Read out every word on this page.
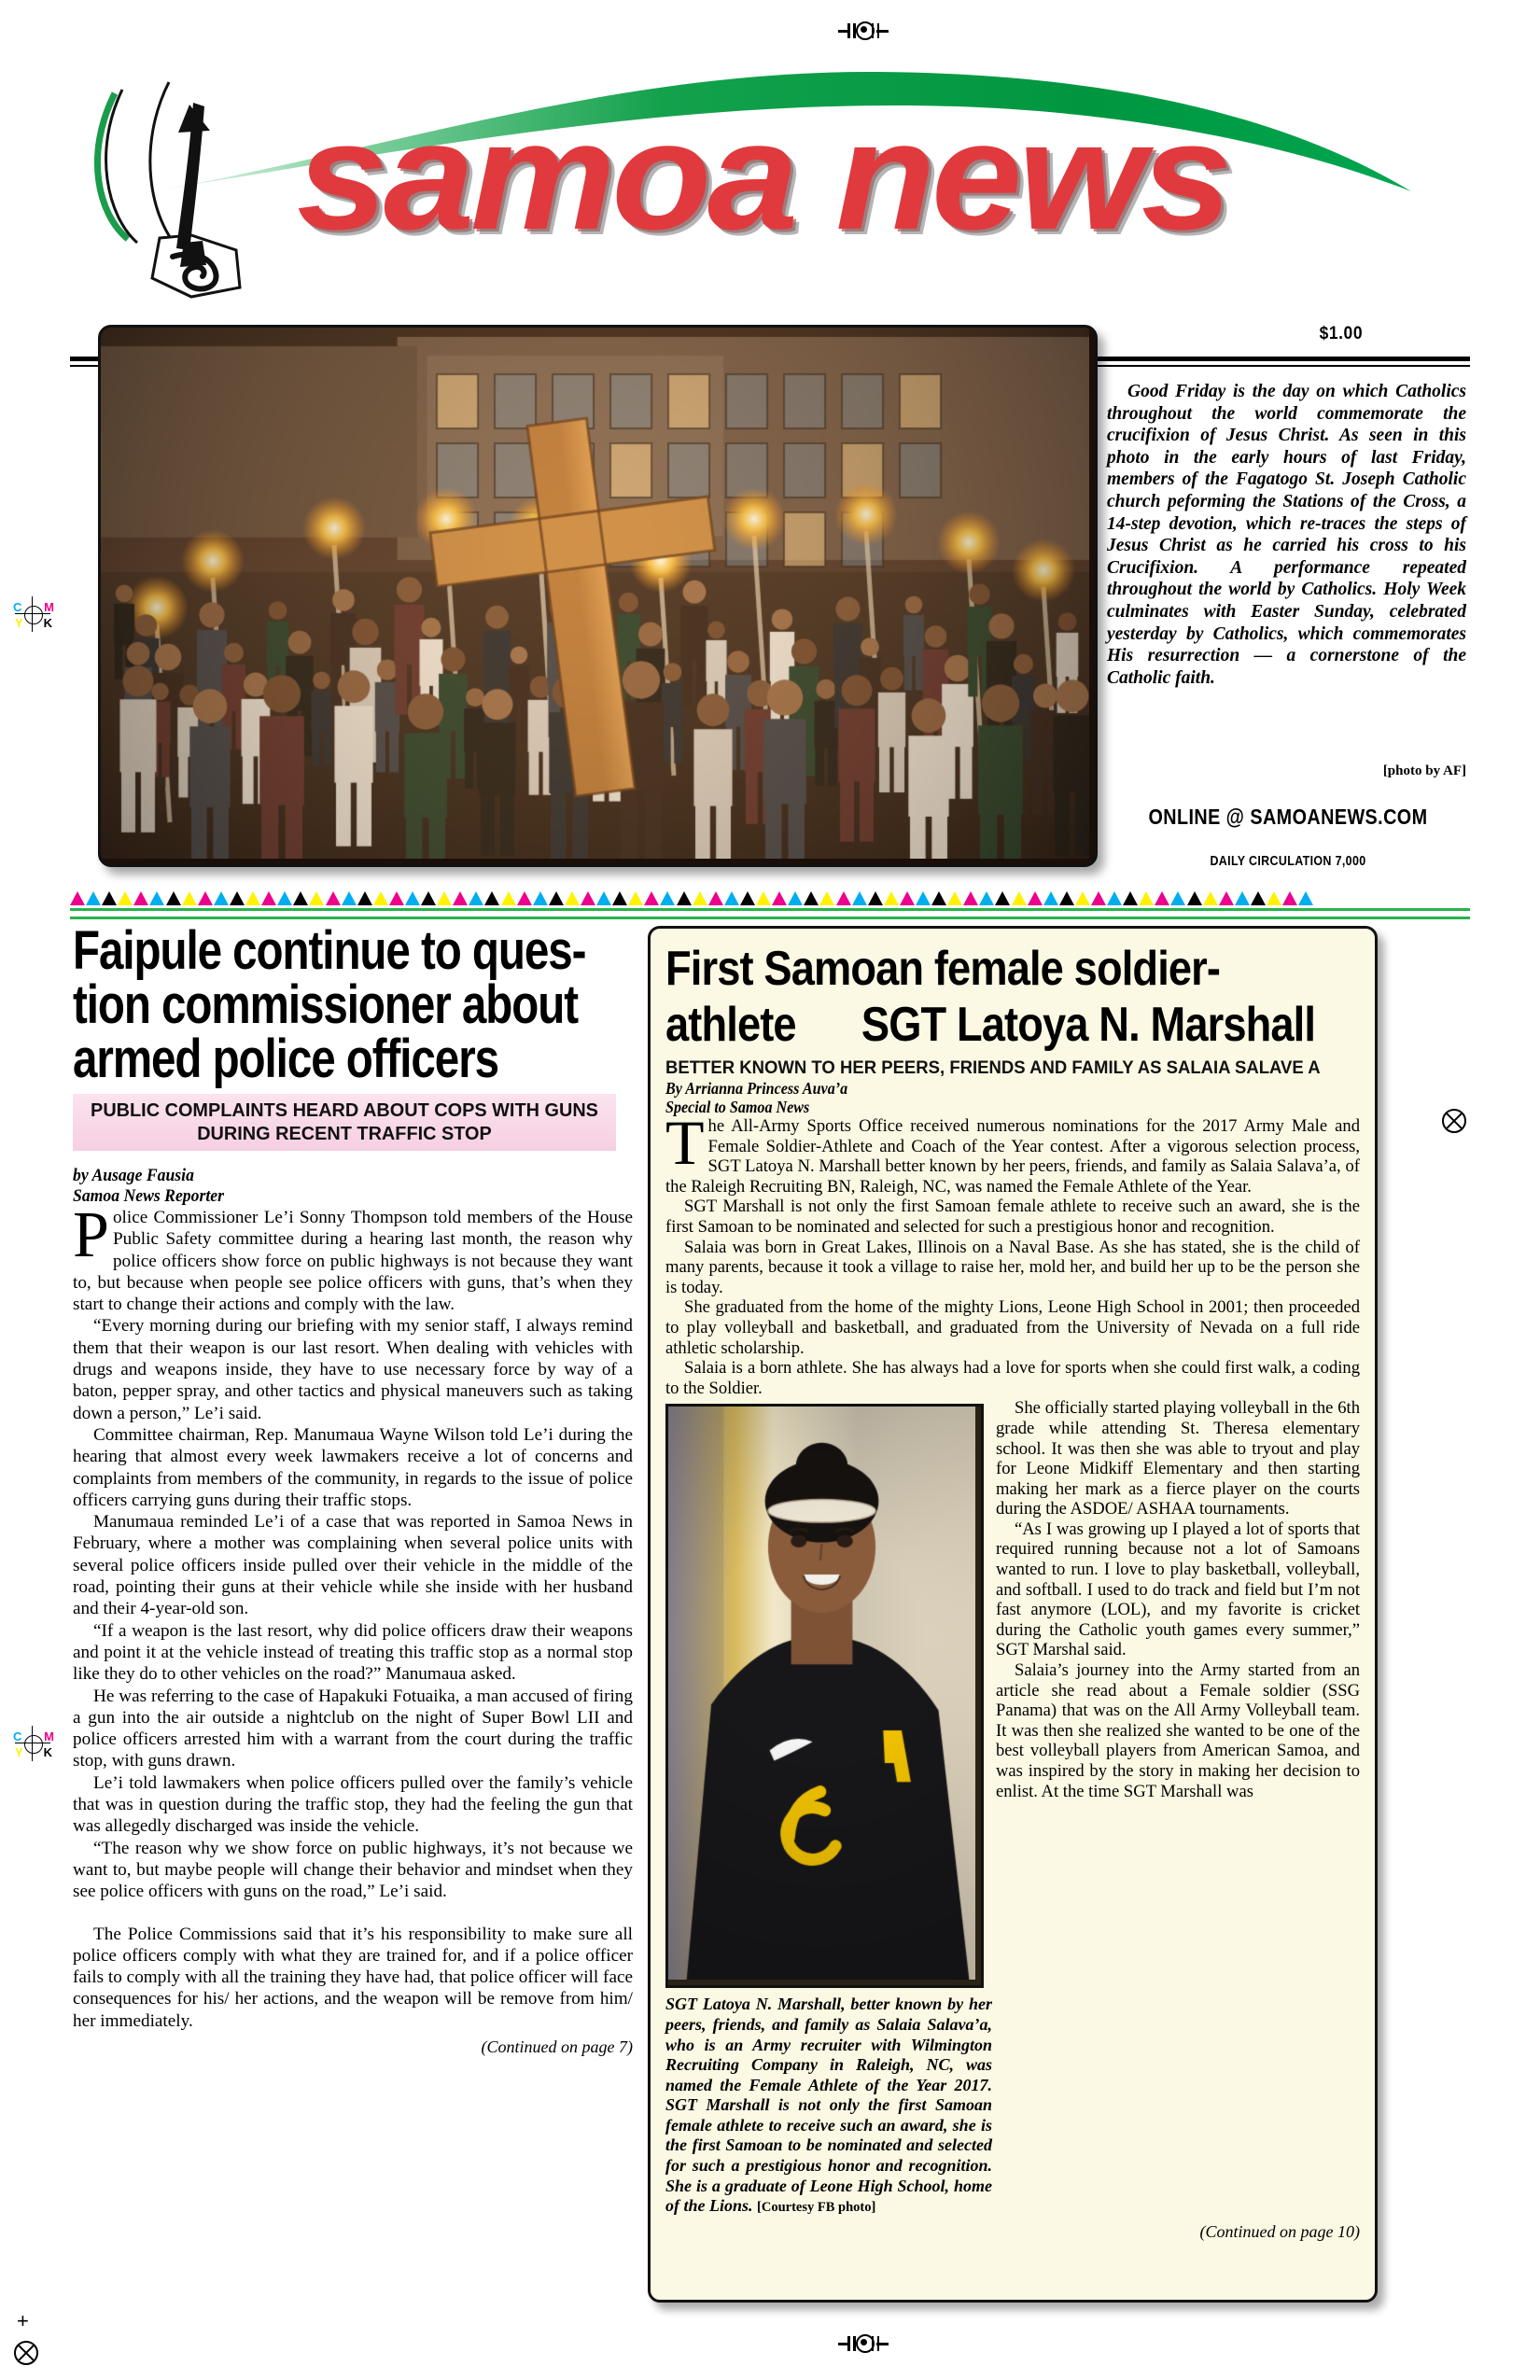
C M
Y K
C M
Y K
+
samoa news
$1.00
Good Friday is the day on which Catholics throughout the world commemorate the crucifixion of Jesus Christ. As seen in this photo in the early hours of last Friday, members of the Fagatogo St. Joseph Catholic church peforming the Stations of the Cross, a 14-step devotion, which re-traces the steps of Jesus Christ as he carried his cross to his Crucifixion. A performance repeated throughout the world by Catholics. Holy Week culminates with Easter Sunday, celebrated yesterday by Catholics, which commemorates His resurrection — a cornerstone of the Catholic faith.
[photo by AF]
ONLINE @ SAMOANEWS.COM
DAILY CIRCULATION 7,000
Faipule continue to ques-
tion commissioner about
armed police officers
PUBLIC COMPLAINTS HEARD ABOUT COPS WITH GUNS DURING RECENT TRAFFIC STOP
by Ausage Fausia
Samoa News Reporter

Police Commissioner Le’i Sonny Thompson told members of the House Public Safety committee during a hearing last month, the reason why police officers show force on public highways is not because they want to, but because when people see police officers with guns, that’s when they start to change their actions and comply with the law.

“Every morning during our briefing with my senior staff, I always remind them that their weapon is our last resort. When dealing with vehicles with drugs and weapons inside, they have to use necessary force by way of a baton, pepper spray, and other tactics and physical maneuvers such as taking down a person,” Le’i said.

Committee chairman, Rep. Manumaua Wayne Wilson told Le’i during the hearing that almost every week lawmakers receive a lot of concerns and complaints from members of the community, in regards to the issue of police officers carrying guns during their traffic stops.

Manumaua reminded Le’i of a case that was reported in Samoa News in February, where a mother was complaining when several police units with several police officers inside pulled over their vehicle in the middle of the road, pointing their guns at their vehicle while she inside with her husband and their 4-year-old son.

“If a weapon is the last resort, why did police officers draw their weapons and point it at the vehicle instead of treating this traffic stop as a normal stop like they do to other vehicles on the road?” Manumaua asked.

He was referring to the case of Hapakuki Fotuaika, a man accused of firing a gun into the air outside a nightclub on the night of Super Bowl LII and police officers arrested him with a warrant from the court during the traffic stop, with guns drawn.

Le’i told lawmakers when police officers pulled over the family’s vehicle that was in question during the traffic stop, they had the feeling the gun that was allegedly discharged was inside the vehicle.

“The reason why we show force on public highways, it’s not because we want to, but maybe people will change their behavior and mindset when they see police officers with guns on the road,” Le’i said.

The Police Commissions said that it’s his responsibility to make sure all police officers comply with what they are trained for, and if a police officer fails to comply with all the training they have had, that police officer will face consequences for his/ her actions, and the weapon will be remove from him/ her immediately.

(Continued on page 7)
First Samoan female soldier-
athlete      SGT Latoya N. Marshall
BETTER KNOWN TO HER PEERS, FRIENDS AND FAMILY AS SALAIA SALAVE A
By Arrianna Princess Auva’a
Special to Samoa News

The All-Army Sports Office received numerous nominations for the 2017 Army Male and Female Soldier-Athlete and Coach of the Year contest. After a vigorous selection process, SGT Latoya N. Marshall better known by her peers, friends, and family as Salaia Salava’a, of the Raleigh Recruiting BN, Raleigh, NC, was named the Female Athlete of the Year.

SGT Marshall is not only the first Samoan female athlete to receive such an award, she is the first Samoan to be nominated and selected for such a prestigious honor and recognition.

Salaia was born in Great Lakes, Illinois on a Naval Base. As she has stated, she is the child of many parents, because it took a village to raise her, mold her, and build her up to be the person she is today.

She graduated from the home of the mighty Lions, Leone High School in 2001; then proceeded to play volleyball and basketball, and graduated from the University of Nevada on a full ride athletic scholarship.

Salaia is a born athlete. She has always had a love for sports when she could first walk, a coding to the Soldier.

She officially started playing volleyball in the 6th grade while attending St. Theresa elementary school. It was then she was able to tryout and play for Leone Midkiff Elementary and then starting making her mark as a fierce player on the courts during the ASDOE/ ASHAA tournaments.

“As I was growing up I played a lot of sports that required running because not a lot of Samoans wanted to run. I love to play basketball, volleyball, and softball. I used to do track and field but I’m not fast anymore (LOL), and my favorite is cricket during the Catholic youth games every summer,” SGT Marshal said.

Salaia’s journey into the Army started from an article she read about a Female soldier (SSG Panama) that was on the All Army Volleyball team. It was then she realized she wanted to be one of the best volleyball players from American Samoa, and was inspired by the story in making her decision to enlist. At the time SGT Marshall was

SGT Latoya N. Marshall, better known by her peers, friends, and family as Salaia Salava’a, who is an Army recruiter with Wilmington Recruiting Company in Raleigh, NC, was named the Female Athlete of the Year 2017. SGT Marshall is not only the first Samoan female athlete to receive such an award, she is the first Samoan to be nominated and selected for such a prestigious honor and recognition. She is a graduate of Leone High School, home of the Lions. [Courtesy FB photo]
(Continued on page 10)
